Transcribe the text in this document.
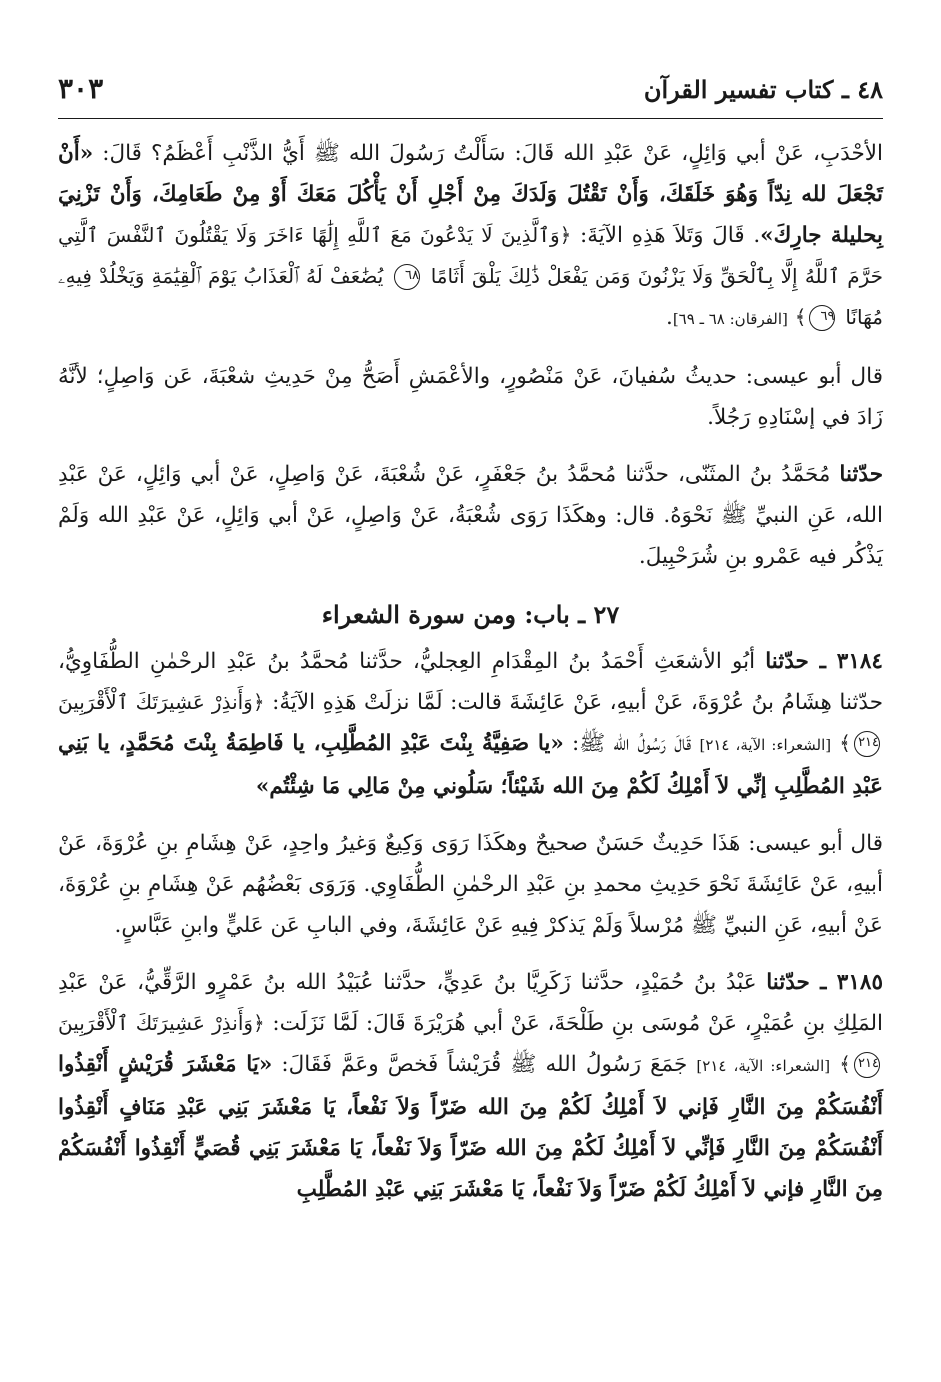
٤٨ ـ كتاب تفسير القرآن
٣٠٣

الأحْدَبِ، عَنْ أبي وَائِلٍ، عَنْ عَبْدِ الله قَالَ: سَأَلْتُ رَسُولَ الله ﷺ أَيُّ الذَّنْبِ أَعْظَمُ؟ قَالَ: «أَنْ تَجْعَلَ لله نِدّاً وَهُوَ خَلَقَكَ، وَأَنْ تَقْتُلَ وَلَدَكَ مِنْ أَجْلِ أَنْ يَأْكُلَ مَعَكَ أَوْ مِنْ طَعَامِكَ، وَأَنْ تَزْنِيَ بِحليلة جارِكَ». قَالَ وَتَلاَ هَذِهِ الآيَةَ: ﴿وَٱلَّذِينَ لَا يَدْعُونَ مَعَ ٱللَّهِ إِلَٰهًا ءَاخَرَ وَلَا يَقْتُلُونَ ٱلنَّفْسَ ٱلَّتِي حَرَّمَ ٱللَّهُ إِلَّا بِٱلْحَقِّ وَلَا يَزْنُونَ وَمَن يَفْعَلْ ذَٰلِكَ يَلْقَ أَثَامًا ٦٨ يُضَٰعَفْ لَهُ ٱلْعَذَابُ يَوْمَ ٱلْقِيَٰمَةِ وَيَخْلُدْ فِيهِۦ مُهَانًا ٦٩﴾ [الفرقان: ٦٨ ـ ٦٩].

قال أبو عيسى: حديثُ سُفيانَ، عَنْ مَنْصُورٍ، والأعْمَشِ أَصَحُّ مِنْ حَدِيثِ شعْبَةَ، عَن وَاصِلٍ؛ لأنَّهُ زَادَ في إسْنَادِهِ رَجُلاً.

حدّثنا مُحَمَّدُ بنُ المثَنّى، حدَّثنا مُحمَّدُ بنُ جَعْفَرٍ، عَنْ شُعْبَةَ، عَنْ وَاصِلٍ، عَنْ أبي وَائِلٍ، عَنْ عَبْدِ الله، عَنِ النبيِّ ﷺ نَحْوَهُ. قال: وهكَذَا رَوَى شُعْبَةُ، عَنْ وَاصِلٍ، عَنْ أبي وَائِلٍ، عَنْ عَبْدِ الله وَلَمْ يَذْكُر فيه عَمْرو بنِ شُرَحْبِيلَ.

٢٧ ـ باب: ومن سورة الشعراء

٣١٨٤ ـ حدّثنا أبُو الأشعَثِ أَحْمَدُ بنُ المِقْدَامِ العِجليُّ، حدَّثنا مُحمَّدُ بنُ عَبْدِ الرحْمٰنِ الطُّفَاوِيُّ، حدّثنا هِشَامُ بنُ عُرْوَةَ، عَنْ أبيهِ، عَنْ عَائِشَةَ قالت: لَمَّا نزلَتْ هَذِهِ الآيَةُ: ﴿وَأَنذِرْ عَشِيرَتَكَ ٱلْأَقْرَبِينَ ٢١٤﴾ [الشعراء: الآية، ٢١٤] قَالَ رَسُولُ الله ﷺ: «يا صَفِيَّةُ بِنْتَ عَبْدِ المُطَّلِبِ، يا فَاطِمَةُ بِنْتَ مُحَمَّدٍ، يا بَنِي عَبْدِ المُطَّلِبِ إنِّي لاَ أَمْلِكُ لَكُمْ مِنَ الله شَيْئاً؛ سَلُوني مِنْ مَالِي مَا شِئْتُم»

قال أبو عيسى: هَذَا حَدِيثٌ حَسَنٌ صحيحٌ وهكَذَا رَوَى وَكِيعٌ وَغيرُ واحِدٍ، عَنْ هِشَامِ بنِ عُرْوَةَ، عَنْ أبيهِ، عَنْ عَائِشَةَ نَحْوَ حَدِيثِ محمدِ بنِ عَبْدِ الرحْمٰنِ الطُّفَاوِي. وَرَوَى بَعْضُهُم عَنْ هِشَامِ بنِ عُرْوَةَ، عَنْ أبيهِ، عَنِ النبيِّ ﷺ مُرْسلاً وَلَمْ يَذكرْ فِيهِ عَنْ عَائِشَةَ، وفي البابِ عَن عَليٍّ وابنِ عَبَّاسٍ.

٣١٨٥ ـ حدّثنا عَبْدُ بنُ حُمَيْدٍ، حدَّثنا زَكَرِيَّا بنُ عَدِيٍّ، حدَّثنا عُبَيْدُ الله بنُ عَمْرٍو الرَّقِّيُّ، عَنْ عَبْدِ المَلِكِ بنِ عُمَيْرٍ، عَنْ مُوسَى بنِ طَلْحَةَ، عَنْ أبي هُرَيْرَةَ قَالَ: لَمَّا نَزَلَت: ﴿وَأَنذِرْ عَشِيرَتَكَ ٱلْأَقْرَبِينَ ٢١٤﴾ [الشعراء: الآية، ٢١٤] جَمَعَ رَسُولُ الله ﷺ قُرَيْشاً فَخصَّ وعَمَّ فَقَالَ: «يَا مَعْشَرَ قُرَيْشٍ أَنْقِذُوا أَنْفُسَكُمْ مِنَ النَّارِ فَإني لاَ أَمْلِكُ لَكُمْ مِنَ الله ضَرّاً وَلاَ نَفْعاً، يَا مَعْشَرَ بَنِي عَبْدِ مَنَافٍ أَنْقِذُوا أَنْفُسَكُمْ مِنَ النَّارِ فَإنِّي لاَ أَمْلِكُ لَكُمْ مِنَ الله ضَرّاً وَلاَ نَفْعاً، يَا مَعْشَرَ بَنِي قُصَيٍّ أَنْقِذُوا أَنْفُسَكُمْ مِنَ النَّارِ فإني لاَ أَمْلِكُ لَكُمْ ضَرّاً وَلاَ نَفْعاً، يَا مَعْشَرَ بَنِي عَبْدِ المُطَّلِبِ
